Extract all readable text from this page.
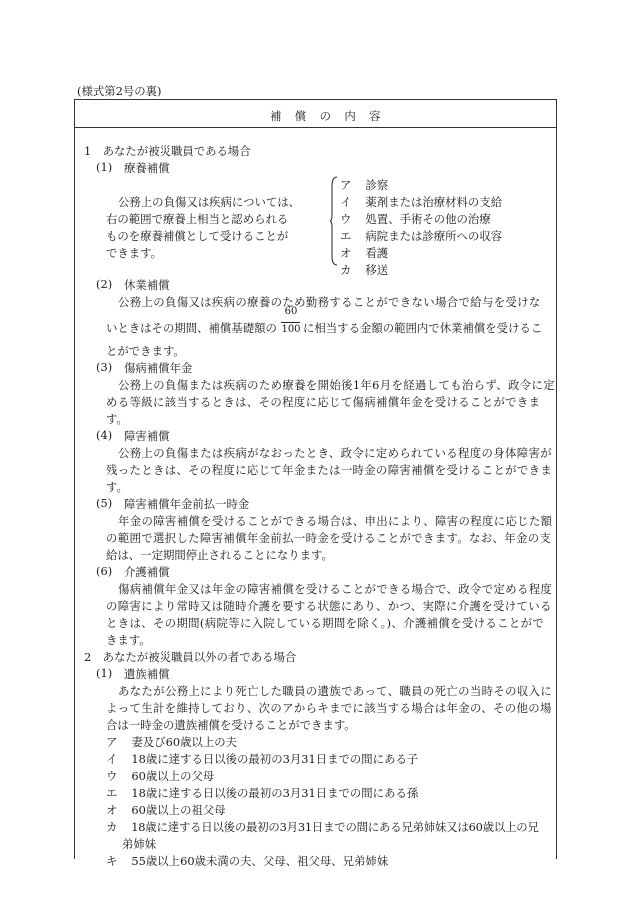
(様式第2号の裏)
補　償　の　内　容
1　あなたが被災職員である場合
(1) 療養補償
公務上の負傷又は疾病については、
右の範囲で療養上相当と認められる
ものを療養補償として受けることが
できます。
ア 診察
イ 薬剤または治療材料の支給
ウ 処置、手術その他の治療
エ 病院または診療所への収容
オ 看護
カ 移送
(2) 休業補償
公務上の負傷又は疾病の療養のため勤務することができない場合で給与を受けな
いときはその期間、補償基礎額の
60
100 に相当する金額の範囲内で休業補償を受けるこ
とができます。
(3) 傷病補償年金
公務上の負傷または疾病のため療養を開始後1年6月を経過しても治らず、政令に定
める等級に該当するときは、その程度に応じて傷病補償年金を受けることができま
す。
(4) 障害補償
公務上の負傷または疾病がなおったとき、政令に定められている程度の身体障害が
残ったときは、その程度に応じて年金または一時金の障害補償を受けることができま
す。
(5) 障害補償年金前払一時金
年金の障害補償を受けることができる場合は、申出により、障害の程度に応じた額
の範囲で選択した障害補償年金前払一時金を受けることができます。なお、年金の支
給は、一定期間停止されることになります。
(6) 介護補償
傷病補償年金又は年金の障害補償を受けることができる場合で、政令で定める程度
の障害により常時又は随時介護を要する状態にあり、かつ、実際に介護を受けている
ときは、その期間(病院等に入院している期間を除く。)、介護補償を受けることがで
きます。
2　あなたが被災職員以外の者である場合
(1) 遺族補償
あなたが公務上により死亡した職員の遺族であって、職員の死亡の当時その収入に
よって生計を維持しており、次のアからキまでに該当する場合は年金の、その他の場
合は一時金の遺族補償を受けることができます。
ア 妻及び60歳以上の夫
イ 18歳に達する日以後の最初の3月31日までの間にある子
ウ 60歳以上の父母
エ 18歳に達する日以後の最初の3月31日までの間にある孫
オ 60歳以上の祖父母
カ 18歳に達する日以後の最初の3月31日までの間にある兄弟姉妹又は60歳以上の兄
弟姉妹
キ 55歳以上60歳未満の夫、父母、祖父母、兄弟姉妹
